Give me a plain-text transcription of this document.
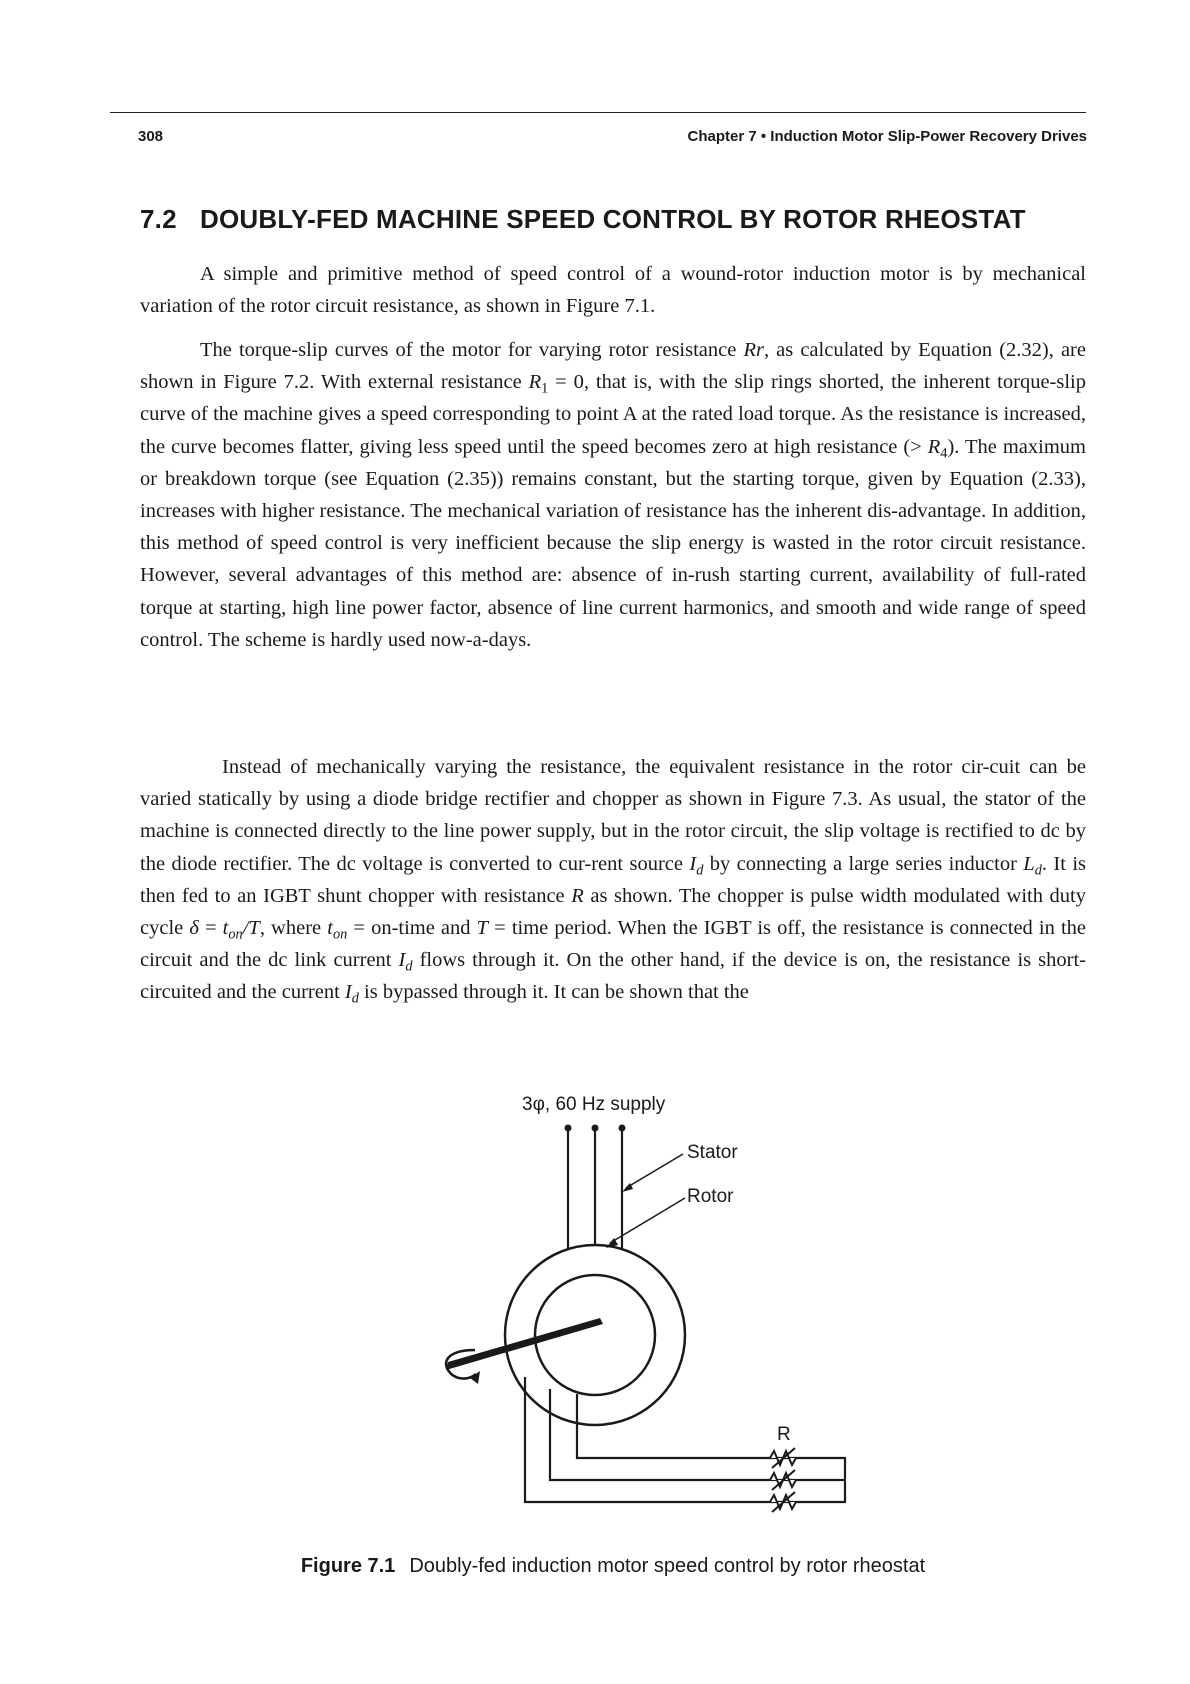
308	Chapter 7 • Induction Motor Slip-Power Recovery Drives
7.2 DOUBLY-FED MACHINE SPEED CONTROL BY ROTOR RHEOSTAT

A simple and primitive method of speed control of a wound-rotor induction motor is by mechanical variation of the rotor circuit resistance, as shown in Figure 7.1.

The torque-slip curves of the motor for varying rotor resistance Rr, as calculated by Equation (2.32), are shown in Figure 7.2. With external resistance $R_1 = 0$, that is, with the slip rings shorted, the inherent torque-slip curve of the machine gives a speed corresponding to point A at the rated load torque. As the resistance is increased, the curve becomes flatter, giving less speed until the speed becomes zero at high resistance (> $R_4$). The maximum or breakdown torque (see Equation (2.35)) remains constant, but the starting torque, given by Equation (2.33), increases with higher resistance. The mechanical variation of resistance has the inherent dis-advantage. In addition, this method of speed control is very inefficient because the slip energy is wasted in the rotor circuit resistance. However, several advantages of this method are: absence of in-rush starting current, availability of full-rated torque at starting, high line power factor, absence of line current harmonics, and smooth and wide range of speed control. The scheme is hardly used now-a-days.

Instead of mechanically varying the resistance, the equivalent resistance in the rotor cir-cuit can be varied statically by using a diode bridge rectifier and chopper as shown in Figure 7.3. As usual, the stator of the machine is connected directly to the line power supply, but in the rotor circuit, the slip voltage is rectified to dc by the diode rectifier. The dc voltage is converted to cur-rent source $I_d$ by connecting a large series inductor $L_d$. It is then fed to an IGBT shunt chopper with resistance R as shown. The chopper is pulse width modulated with duty cycle $\delta = t_{on}/T$, where $t_{on}$ = on-time and T = time period. When the IGBT is off, the resistance is connected in the circuit and the dc link current $I_d$ flows through it. On the other hand, if the device is on, the resistance is short-circuited and the current $I_d$ is bypassed through it. It can be shown that the

3φ, 60 Hz supply
R
Stator
Rotor
Figure 7.1 Doubly-fed induction motor speed control by rotor rheostat
